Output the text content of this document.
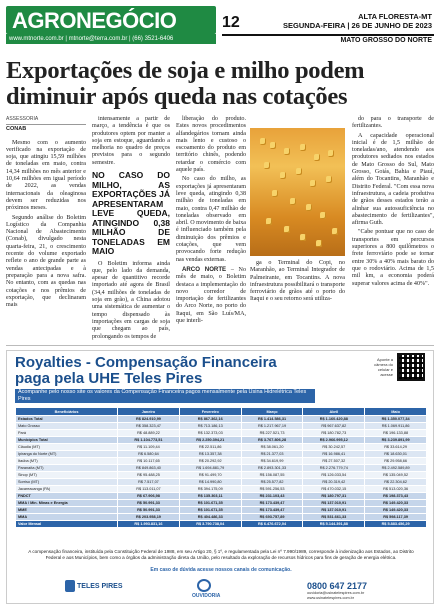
AGRONEGÓCIO
www.mtnorte.com.br | mtnorte@terra.com.br | (66) 3521-6406
12	ALTA FLORESTA-MT
SEGUNDA-FEIRA | 26 DE JUNHO DE 2023
MATO GROSSO DO NORTE
Exportações de soja e milho podem diminuir após queda nas cotações
ASSESSORIA
CONAB

Mesmo com o aumento verificado na exportação de soja, que atingiu 15,59 milhões de toneladas em maio, contra 14,34 milhões no mês anterior e 10,64 milhões em igual período de 2022, as vendas internacionais da oleaginosa devem ser reduzidas nos próximos meses.

Segundo análise do Boletim Logístico da Companhia Nacional de Abastecimento (Conab), divulgado nesta quarta-feira, 21, o crescimento recente do volume exportado reflete o ano de grande parte as vendas antecipadas e à preparação para a nova safra. No entanto, com as quedas nas cotações e nos prêmios de exportação, que declinaram mais

intensamente a partir de março, a tendência é que os produtores optem por manter a soja em estoque, aguardando a melhoria no quadro de preços previstos para o segundo semestre.

NO CASO DO MILHO, AS EXPORTAÇÕES JÁ APRESENTARAM LEVE QUEDA, ATINGINDO 0,38 MILHÃO DE TONELADAS EM MAIO

O Boletim informa ainda que, pelo lado da demanda, apesar de quantitivo recorde importado até agora de Brasil (34,4 milhões de toneladas de soja em grão), a China adotou uma sistemática de aumentar o tempo dispensado às importações em cargas de soja que chegam ao país, prolongando os tempos de

liberação do produto. Estes novos procedimentos alfandegários tornam ainda mais lento e custoso o escoamento do produto em território chinês, podendo retardar o comércio com aquele país.

No caso do milho, as exportações já apresentaram leve queda, atingindo 0,38 milhão de toneladas em maio, contra 0,47 milhão de toneladas observado em abril. O movimento de baixa é influenciado também pela diminuição dos prêmios e cotações, que vem provocando forte redução nas vendas externas.

ARCO NORTE – No mês de maio, o Boletim destaca a implementação do novo corredor de importação de fertilizantes do Arco Norte, no porto do Itaqui, em São Luís/MA, que interli-

ga o Terminal do Copi, no Maranhão, ao Terminal Integrador de Palmeirante, em Tocantins. A nova infraestrutura possibilitará o transporte ferroviário de grãos até o porto do Itaqui e o seu retorno será utiliza-

do para o transporte de fertilizantes.

A capacidade operacional inicial é de 1,5 milhão de toneladas/ano, atendendo aos produtores sediados nos estados de Mato Grosso do Sul, Mato Grosso, Goiás, Bahia e Piauí, além do Tocantins, Maranhão e Distrito Federal. "Com essa nova infraestrutura, a cadeia produtiva de grãos desses estados terão a alinhar sua autossuficiência no abastecimento de fertilizantes", afirma Guth.

"Cabe pontuar que no caso de transportes em percursos superiores a 800 quilômetros o frete ferroviário pode se tornar entre 30% a 40% mais barato do que o rodoviário. Acima de 1,5 mil km, a economia poderá superar valores acima de 40%".

Royalties - Compensação Financeira
paga pela UHE Teles Pires
Aponte a câmera do celular e acesse
Acompanhe pelo nosso site os valores da Compensação Financeira pagos mensalmente pela Usina Hidrelétrica Teles Pires
Beneficiários	Janeiro	Fevereiro	Março	Abril	Maio
Estados Total	R$ 824.910,99	R$ 867.362,16	R$ 1.414.586,31	R$ 1.160.420,88	R$ 1.350.077,34
Mato Grosso	R$ 358.323,47	R$ 713.186,13	R$ 1.217.967,19	R$ 967.637,82	R$ 1.069.911,86
Pará	R$ 48.889,22	R$ 132.373,03	R$ 227.521,73	R$ 180.782,73	R$ 196.133,88
Municípios Total	R$ 1.104.773,51	R$ 2.250.394,21	R$ 3.767.806,28	R$ 2.966.995,12	R$ 3.239.891,99
Cláudia (MT)	R$ 11.109,44	R$ 22.511,86	R$ 38.061,20	R$ 30.242,57	R$ 33.614,29
Ipiranga do Norte (MT)	R$ 6.580,64	R$ 13.357,38	R$ 21.377,03	R$ 16.986,41	R$ 18.630,01
Itaúba (MT)	R$ 10.117,65	R$ 20.292,92	R$ 34.619,99	R$ 27.507,32	R$ 29.958,66
Paranaíta (MT)	R$ 849.863,40	R$ 1.694.881,79	R$ 2.893.301,33	R$ 2.276.779,74	R$ 2.492.589,89
Sinop (MT)	R$ 95.488,25	R$ 91.499,70	R$ 156.087,55	R$ 126.033,54	R$ 135.049,52
Sorriso (MT)	R$ 7.517,07	R$ 14.990,80	R$ 25.577,82	R$ 20.319,42	R$ 22.304,62
Jacareacanga (PA)	R$ 113.011,07	R$ 394.175,09	R$ 591.256,53	R$ 470.032,15	R$ 513.020,36
FNDCT	R$ 67.906,98	R$ 135.303,11	R$ 231.103,43	R$ 180.797,31	R$ 198.373,43
MMA / Min. Minas e Energia	R$ 50.991,33	R$ 101.671,35	R$ 173.439,47	R$ 137.010,91	R$ 149.420,33
MME	R$ 50.991,33	R$ 101.671,35	R$ 173.439,47	R$ 137.010,91	R$ 149.420,33
MMA	R$ 203.958,19	R$ 404.486,33	R$ 693.757,89	R$ 531.661,33	R$ 598.117,39
Valor Mensal	R$ 1.993.831,16	R$ 3.790.738,04	R$ 6.476.672,04	R$ 5.144.391,88	R$ 5.883.456,29
A compensação financeira, instituída pela Constituição Federal de 1988, em seu Artigo 20, § 1º, e regulamentada pela Lei nº 7.990/1989, corresponde à indenização aos Estados, ao Distrito Federal e aos Municípios, bem como a órgãos da administração direta da União, pelo resultado da exploração de recursos hídricos para fins de geração de energia elétrica.
Em caso de dúvida acesse nossos canais de comunicação.
TELES PIRES
OUVIDORIA
0800 647 2177
ouvidoria@usinatelespires.com.br
www.usinatelespires.com.br
